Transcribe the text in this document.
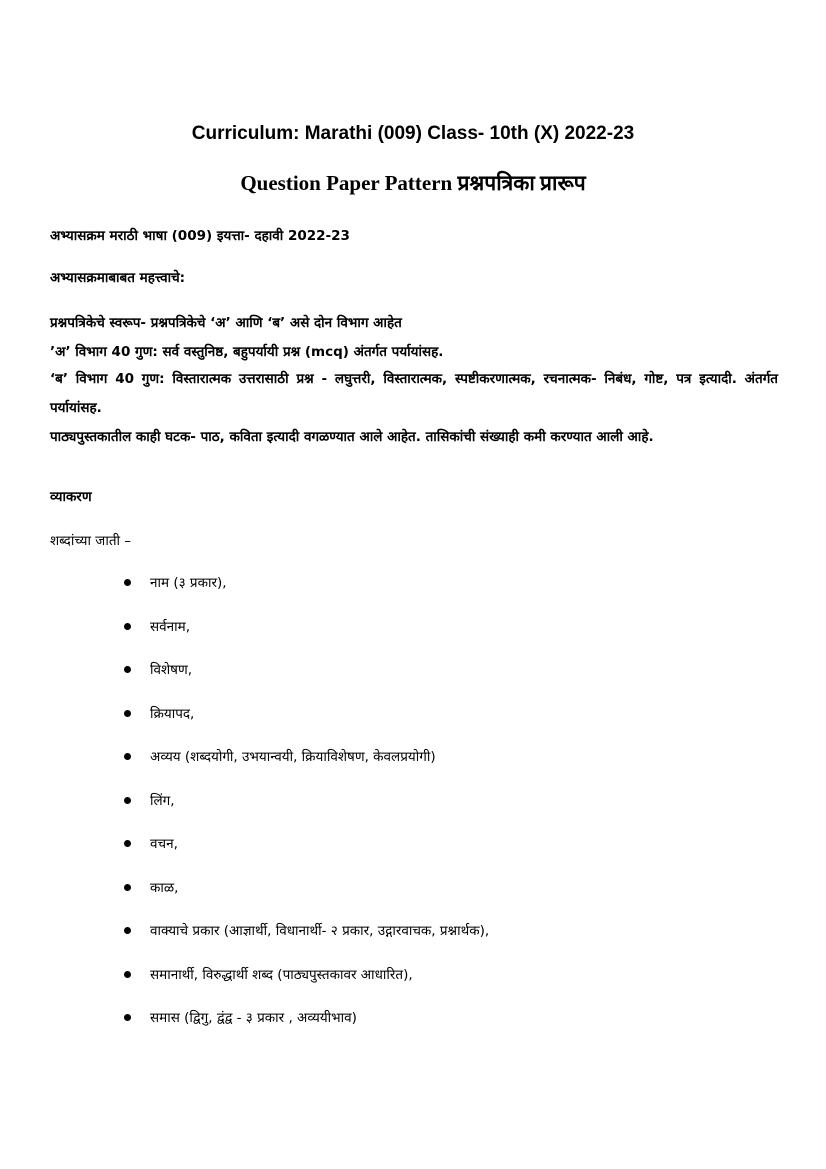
Curriculum: Marathi (009) Class- 10th (X) 2022-23
Question Paper Pattern प्रश्नपत्रिका प्रारूप
अभ्यासक्रम मराठी भाषा (009) इयत्ता- दहावी 2022-23
अभ्यासक्रमाबाबत महत्त्वाचे:
प्रश्नपत्रिकेचे स्वरूप- प्रश्नपत्रिकेचे ‘अ’ आणि ‘ब’ असे दोन विभाग आहेत
’अ’ विभाग 40 गुण: सर्व वस्तुनिष्ठ, बहुपर्यायी प्रश्न (mcq) अंतर्गत पर्यायांसह.
‘ब’ विभाग 40 गुण: विस्तारात्मक उत्तरासाठी प्रश्न - लघुत्तरी, विस्तारात्मक, स्पष्टीकरणात्मक, रचनात्मक- निबंध, गोष्ट, पत्र इत्यादी. अंतर्गत पर्यायांसह.
पाठ्यपुस्तकातील काही घटक- पाठ, कविता इत्यादी वगळण्यात आले आहेत. तासिकांची संख्याही कमी करण्यात आली आहे.
व्याकरण
शब्दांच्या जाती –
नाम (३ प्रकार),
सर्वनाम,
विशेषण,
क्रियापद,
अव्यय (शब्दयोगी, उभयान्वयी, क्रियाविशेषण, केवलप्रयोगी)
लिंग,
वचन,
काळ,
वाक्याचे प्रकार (आज्ञार्थी, विधानार्थी- २ प्रकार, उद्गारवाचक, प्रश्नार्थक),
समानार्थी, विरुद्धार्थी शब्द (पाठ्यपुस्तकावर आधारित),
समास (द्विगु, द्वंद्व - ३ प्रकार , अव्ययीभाव)
